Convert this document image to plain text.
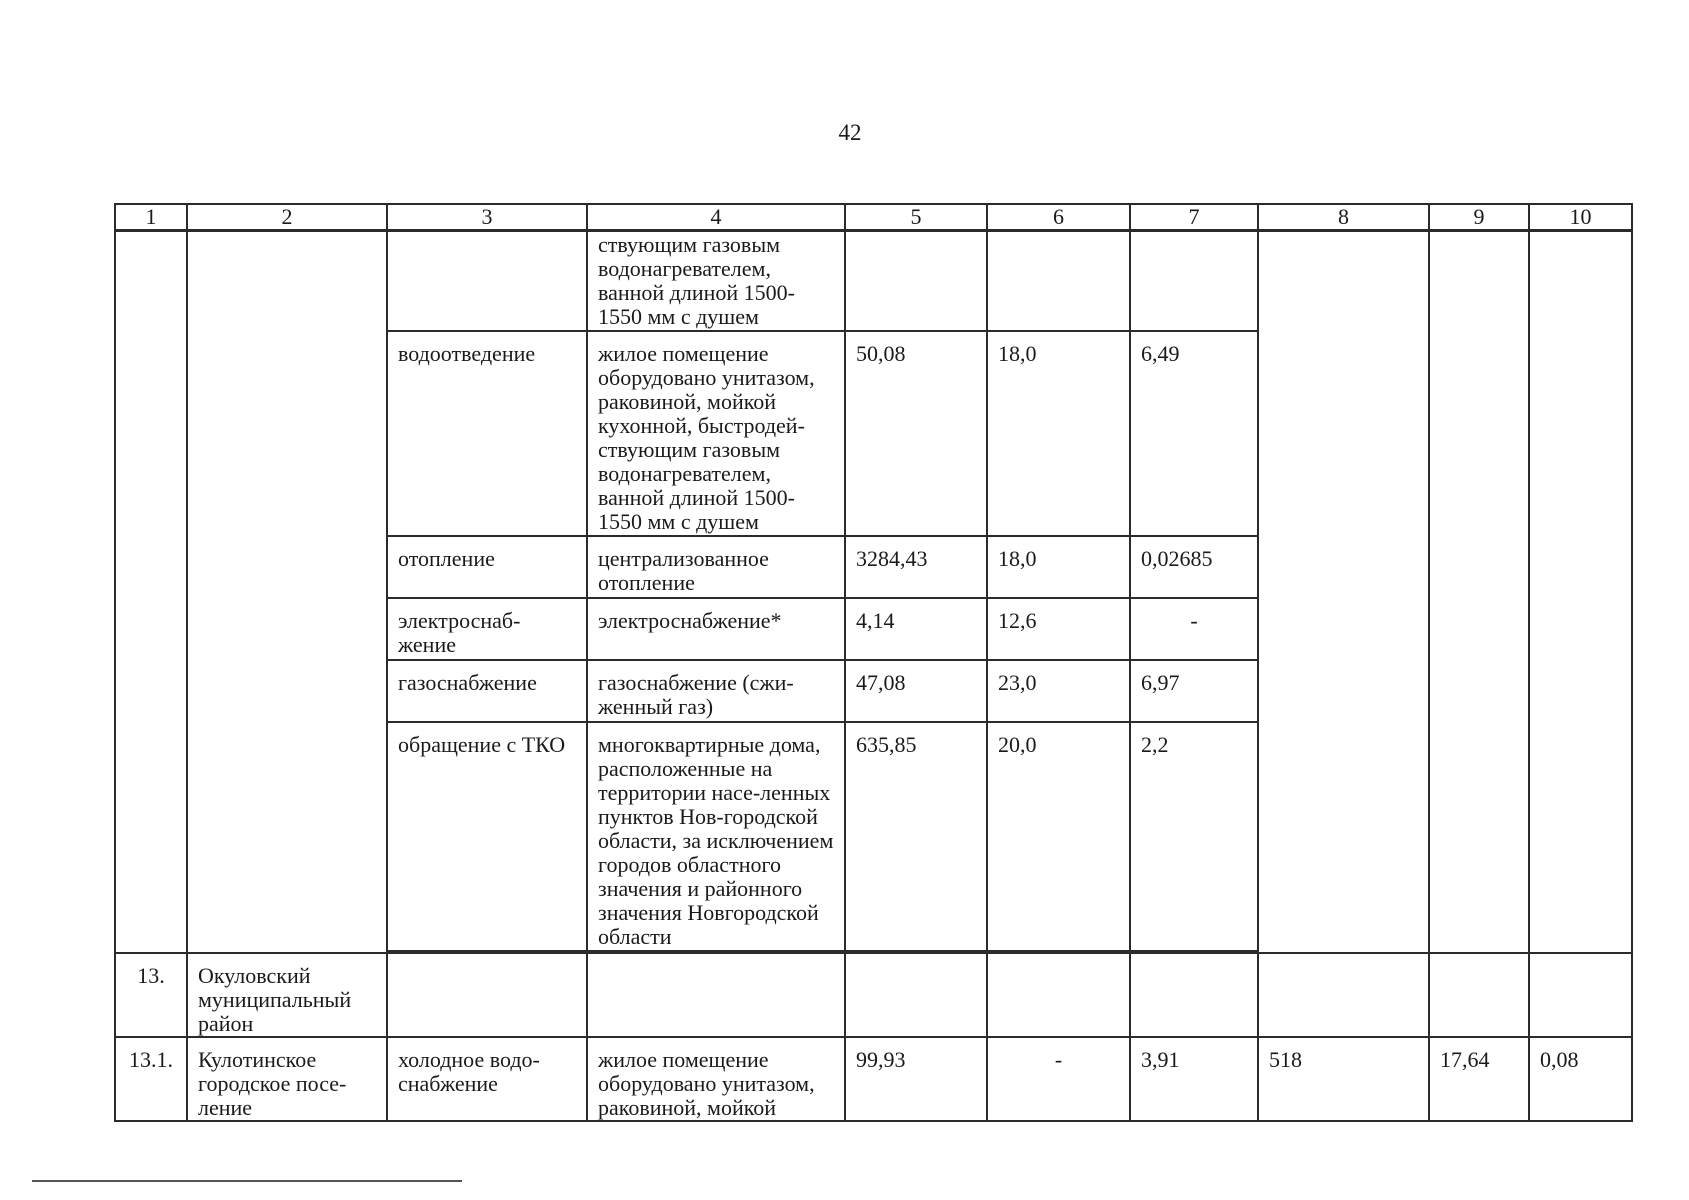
42
1	2	3	4	5	6	7	8	9	10
			ствующим газовым водонагревателем, ванной длиной 1500-1550 мм с душем						
		водоотведение	жилое помещение оборудовано унитазом, раковиной, мойкой кухонной, быстродей-ствующим газовым водонагревателем, ванной длиной 1500-1550 мм с душем	50,08	18,0	6,49			
		отопление	централизованное отопление	3284,43	18,0	0,02685			
		электроснаб-жение	электроснабжение*	4,14	12,6	-			
		газоснабжение	газоснабжение (сжи-женный газ)	47,08	23,0	6,97			
		обращение с ТКО	многоквартирные дома, расположенные на территории насе-ленных пунктов Нов-городской области, за исключением городов областного значения и районного значения Новгородской области	635,85	20,0	2,2			

13.	Окуловский муниципальный район								
13.1.	Кулотинское городское посе-ление	холодное водо-снабжение	жилое помещение оборудовано унитазом, раковиной, мойкой	99,93	-	3,91	518	17,64	0,08
